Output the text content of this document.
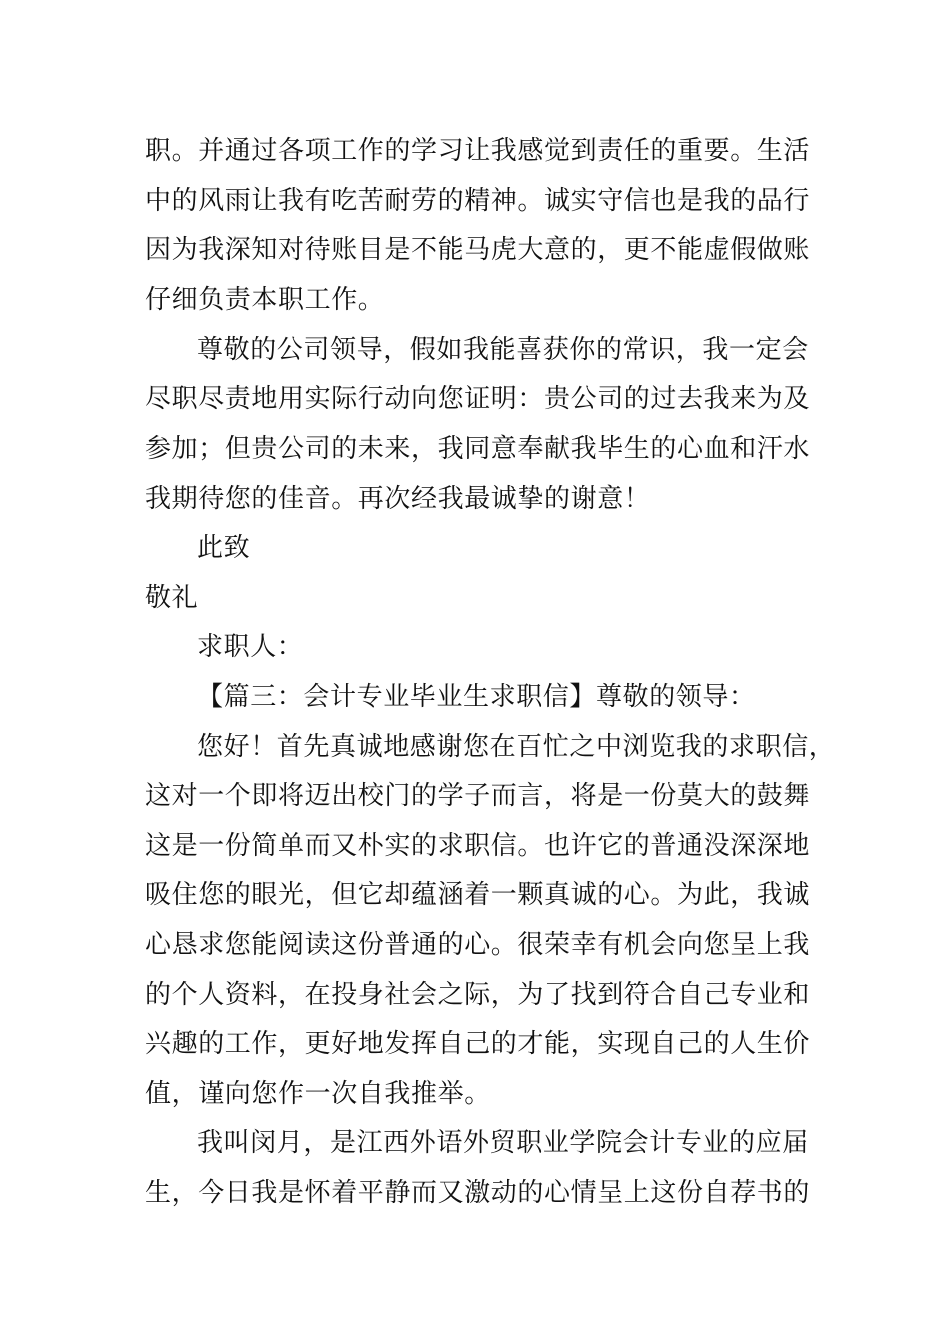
职。并通过各项工作的学习让我感觉到责任的重要。生活
中的风雨让我有吃苦耐劳的精神。诚实守信也是我的品行
因为我深知对待账目是不能马虎大意的，更不能虚假做账
仔细负责本职工作。
尊敬的公司领导，假如我能喜获你的常识，我一定会
尽职尽责地用实际行动向您证明：贵公司的过去我来为及
参加；但贵公司的未来，我同意奉献我毕生的心血和汗水
我期待您的佳音。再次经我最诚挚的谢意！
此致
敬礼
求职人：
【篇三：会计专业毕业生求职信】尊敬的领导：
您好！首先真诚地感谢您在百忙之中浏览我的求职信，
这对一个即将迈出校门的学子而言，将是一份莫大的鼓舞
这是一份简单而又朴实的求职信。也许它的普通没深深地
吸住您的眼光，但它却蕴涵着一颗真诚的心。为此，我诚
心恳求您能阅读这份普通的心。很荣幸有机会向您呈上我
的个人资料，在投身社会之际，为了找到符合自己专业和
兴趣的工作，更好地发挥自己的才能，实现自己的人生价
值，谨向您作一次自我推举。
我叫闵月，是江西外语外贸职业学院会计专业的应届
生，今日我是怀着平静而又激动的心情呈上这份自荐书的
